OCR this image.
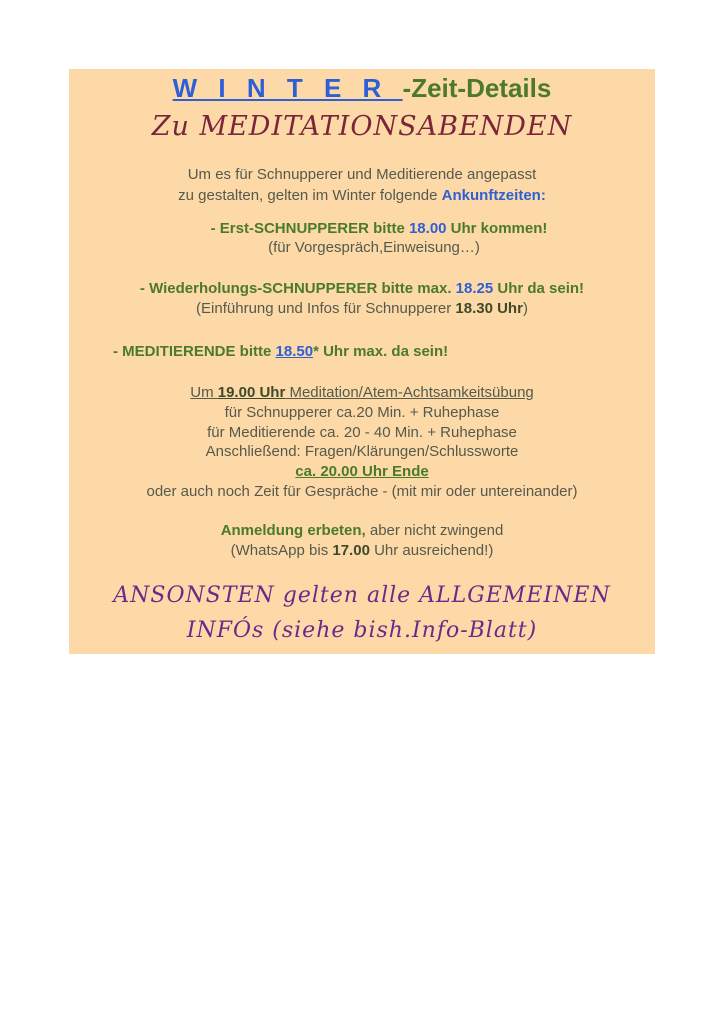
W I N T E R -Zeit-Details
Zu MEDITATIONSABENDEN
Um es für Schnupperer und Meditierende angepasst
zu gestalten, gelten im Winter folgende Ankunftzeiten:
- Erst-SCHNUPPERER bitte 18.00 Uhr kommen!
(für Vorgespräch,Einweisung…)
- Wiederholungs-SCHNUPPERER bitte max. 18.25 Uhr da sein!
(Einführung und Infos für Schnupperer 18.30 Uhr)
- MEDITIERENDE bitte 18.50* Uhr max. da sein!
Um 19.00 Uhr Meditation/Atem-Achtsamkeitsübung
für Schnupperer ca.20 Min. + Ruhephase
für Meditierende ca. 20 - 40 Min. + Ruhephase
Anschließend: Fragen/Klärungen/Schlussworte
ca. 20.00 Uhr Ende
oder auch noch Zeit für Gespräche - (mit mir oder untereinander)
Anmeldung erbeten, aber nicht zwingend
(WhatsApp bis 17.00 Uhr ausreichend!)
ANSONSTEN gelten alle ALLGEMEINEN
INFÓs (siehe bish.Info-Blatt)
